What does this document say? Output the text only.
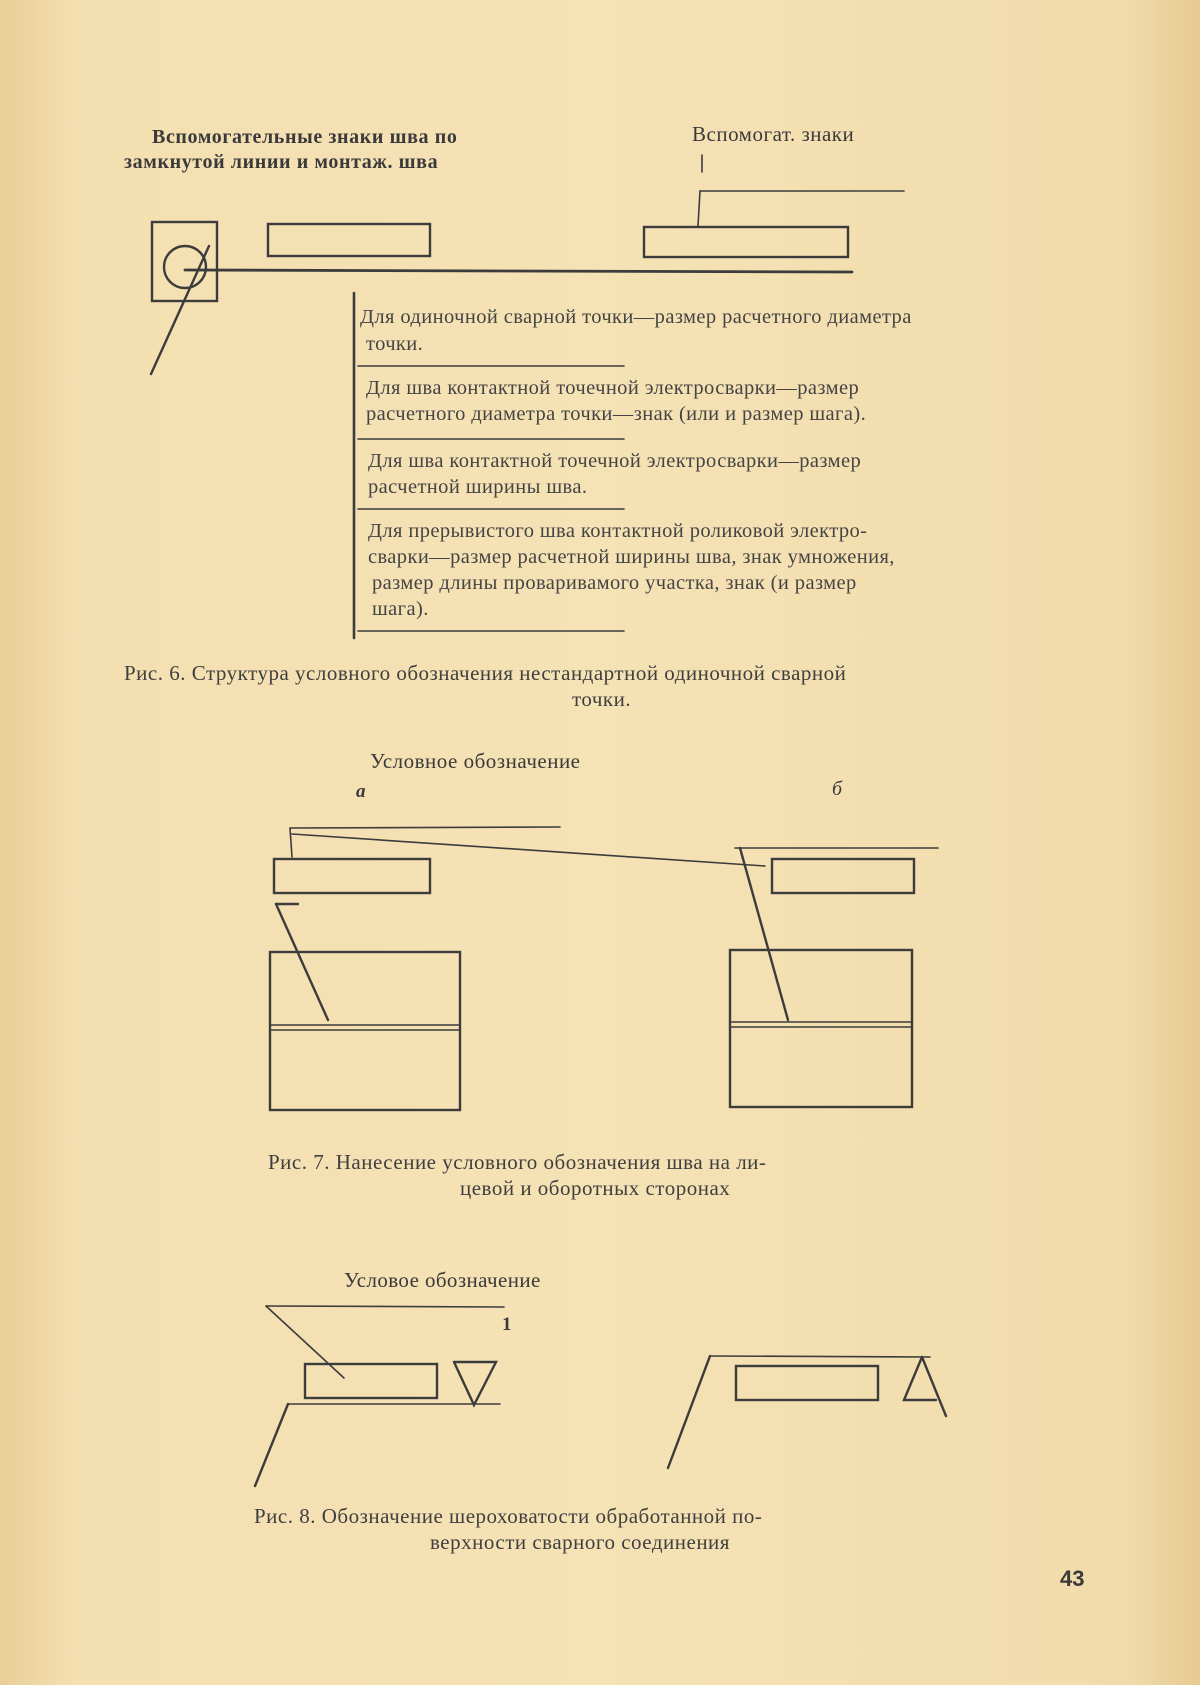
Вспомогательные знаки шва по
замкнутой линии и монтаж. шва
Вспомогат. знаки
Для одиночной сварной точки—размер расчетного диаметра
точки.
Для шва контактной точечной электросварки—размер
расчетного диаметра точки—знак (или и размер шага).
Для шва контактной точечной электросварки—размер
расчетной ширины шва.
Для прерывистого шва контактной роликовой электро-
сварки—размер расчетной ширины шва, знак умножения,
размер длины проваривамого участка, знак (и размер
шага).
Рис. 6. Структура условного обозначения нестандартной одиночной сварной
точки.
Условное обозначение
а	б
Рис. 7. Нанесение условного обозначения шва на ли-
цевой и оборотных сторонах
Условое обозначение
1
Рис. 8. Обозначение шероховатости обработанной по-
верхности сварного соединения
43
